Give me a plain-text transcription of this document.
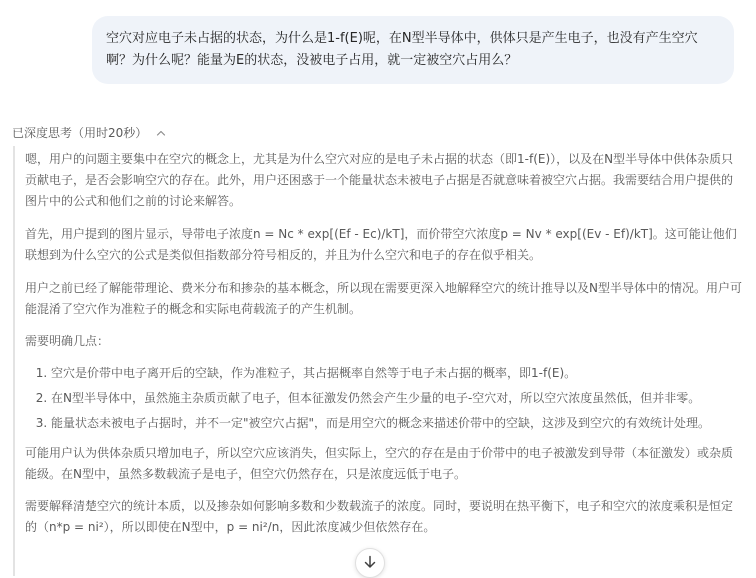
空穴对应电子未占据的状态，为什么是1-f(E)呢，在N型半导体中，供体只是产生电子，也没有产生空穴啊？为什么呢？能量为E的状态，没被电子占用，就一定被空穴占用么？
已深度思考（用时20秒）

嗯，用户的问题主要集中在空穴的概念上，尤其是为什么空穴对应的是电子未占据的状态（即1-f(E)），以及在N型半导体中供体杂质只贡献电子，是否会影响空穴的存在。此外，用户还困惑于一个能量状态未被电子占据是否就意味着被空穴占据。我需要结合用户提供的图片中的公式和他们之前的讨论来解答。

首先，用户提到的图片显示，导带电子浓度n = Nc * exp[(Ef - Ec)/kT]，而价带空穴浓度p = Nv * exp[(Ev - Ef)/kT]。这可能让他们联想到为什么空穴的公式是类似但指数部分符号相反的，并且为什么空穴和电子的存在似乎相关。

用户之前已经了解能带理论、费米分布和掺杂的基本概念，所以现在需要更深入地解释空穴的统计推导以及N型半导体中的情况。用户可能混淆了空穴作为准粒子的概念和实际电荷载流子的产生机制。

需要明确几点：

1. 空穴是价带中电子离开后的空缺，作为准粒子，其占据概率自然等于电子未占据的概率，即1-f(E)。
2. 在N型半导体中，虽然施主杂质贡献了电子，但本征激发仍然会产生少量的电子-空穴对，所以空穴浓度虽然低，但并非零。
3. 能量状态未被电子占据时，并不一定"被空穴占据"，而是用空穴的概念来描述价带中的空缺，这涉及到空穴的有效统计处理。

可能用户认为供体杂质只增加电子，所以空穴应该消失，但实际上，空穴的存在是由于价带中的电子被激发到导带（本征激发）或杂质能级。在N型中，虽然多数载流子是电子，但空穴仍然存在，只是浓度远低于电子。

需要解释清楚空穴的统计本质，以及掺杂如何影响多数和少数载流子的浓度。同时，要说明在热平衡下，电子和空穴的浓度乘积是恒定的（n*p = ni²），所以即使在N型中，p = ni²/n，因此浓度减少但依然存在。
